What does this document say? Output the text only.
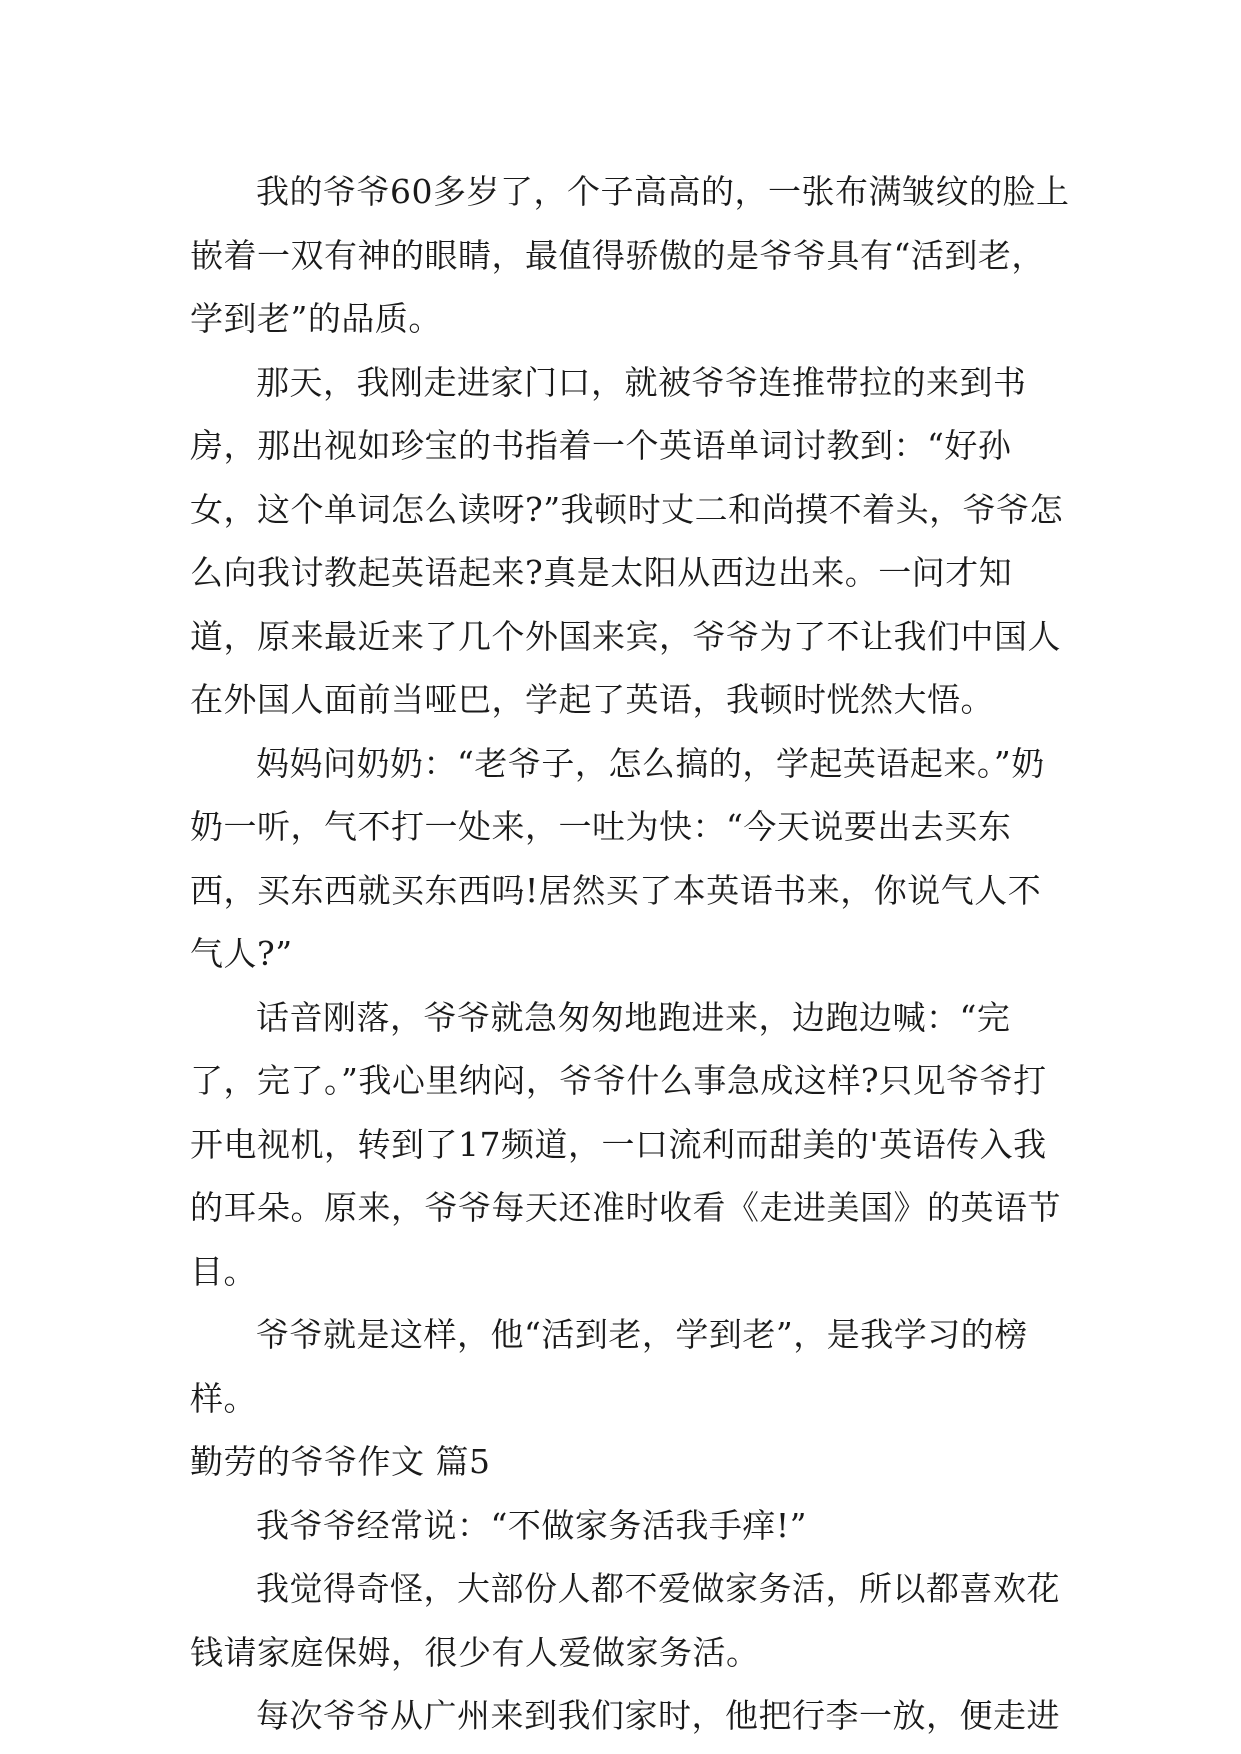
我的爷爷60多岁了，个子高高的，一张布满皱纹的脸上嵌着一双有神的眼睛，最值得骄傲的是爷爷具有“活到老，学到老”的品质。

那天，我刚走进家门口，就被爷爷连推带拉的来到书房，那出视如珍宝的书指着一个英语单词讨教到：“好孙女，这个单词怎么读呀?”我顿时丈二和尚摸不着头，爷爷怎么向我讨教起英语起来?真是太阳从西边出来。一问才知道，原来最近来了几个外国来宾，爷爷为了不让我们中国人在外国人面前当哑巴，学起了英语，我顿时恍然大悟。

妈妈问奶奶：“老爷子，怎么搞的，学起英语起来。”奶奶一听，气不打一处来，一吐为快：“今天说要出去买东西，买东西就买东西吗!居然买了本英语书来，你说气人不气人?”

话音刚落，爷爷就急匆匆地跑进来，边跑边喊：“完了，完了。”我心里纳闷，爷爷什么事急成这样?只见爷爷打开电视机，转到了17频道，一口流利而甜美的'英语传入我的耳朵。原来，爷爷每天还准时收看《走进美国》的英语节目。

爷爷就是这样，他“活到老，学到老”，是我学习的榜样。

勤劳的爷爷作文 篇5

我爷爷经常说：“不做家务活我手痒!”

我觉得奇怪，大部份人都不爱做家务活，所以都喜欢花钱请家庭保姆，很少有人爱做家务活。

每次爷爷从广州来到我们家时，他把行李一放，便走进
